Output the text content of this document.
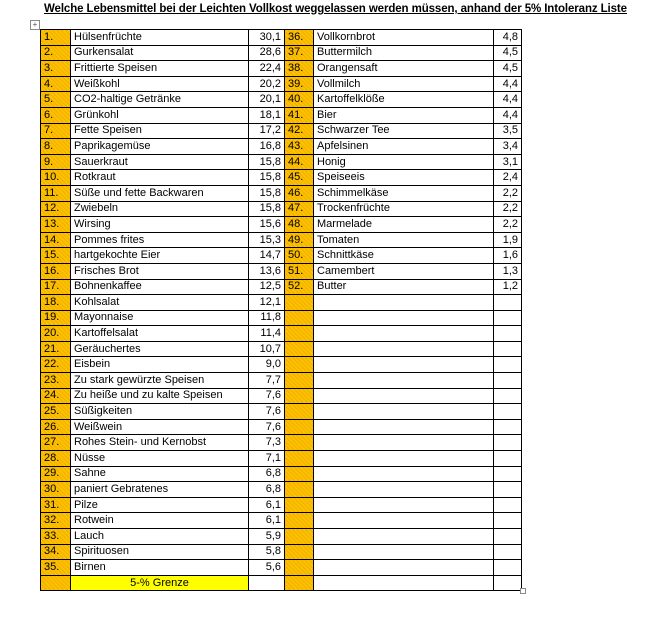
Welche Lebensmittel bei der Leichten Vollkost weggelassen werden müssen, anhand der 5% Intoleranz Liste
+
1.	Hülsenfrüchte	30,1	36.	Vollkornbrot	4,8
2.	Gurkensalat	28,6	37.	Buttermilch	4,5
3.	Frittierte Speisen	22,4	38.	Orangensaft	4,5
4.	Weißkohl	20,2	39.	Vollmilch	4,4
5.	CO2-haltige Getränke	20,1	40.	Kartoffelklöße	4,4
6.	Grünkohl	18,1	41.	Bier	4,4
7.	Fette Speisen	17,2	42.	Schwarzer Tee	3,5
8.	Paprikagemüse	16,8	43.	Apfelsinen	3,4
9.	Sauerkraut	15,8	44.	Honig	3,1
10.	Rotkraut	15,8	45.	Speiseeis	2,4
11.	Süße und fette Backwaren	15,8	46.	Schimmelkäse	2,2
12.	Zwiebeln	15,8	47.	Trockenfrüchte	2,2
13.	Wirsing	15,6	48.	Marmelade	2,2
14.	Pommes frites	15,3	49.	Tomaten	1,9
15.	hartgekochte Eier	14,7	50.	Schnittkäse	1,6
16.	Frisches Brot	13,6	51.	Camembert	1,3
17.	Bohnenkaffee	12,5	52.	Butter	1,2
18.	Kohlsalat	12,1			
19.	Mayonnaise	11,8			
20.	Kartoffelsalat	11,4			
21.	Geräuchertes	10,7			
22.	Eisbein	9,0			
23.	Zu stark gewürzte Speisen	7,7			
24.	Zu heiße und zu kalte Speisen	7,6			
25.	Süßigkeiten	7,6			
26.	Weißwein	7,6			
27.	Rohes Stein- und Kernobst	7,3			
28.	Nüsse	7,1			
29.	Sahne	6,8			
30.	paniert Gebratenes	6,8			
31.	Pilze	6,1			
32.	Rotwein	6,1			
33.	Lauch	5,9			
34.	Spirituosen	5,8			
35.	Birnen	5,6			
	5-% Grenze				
